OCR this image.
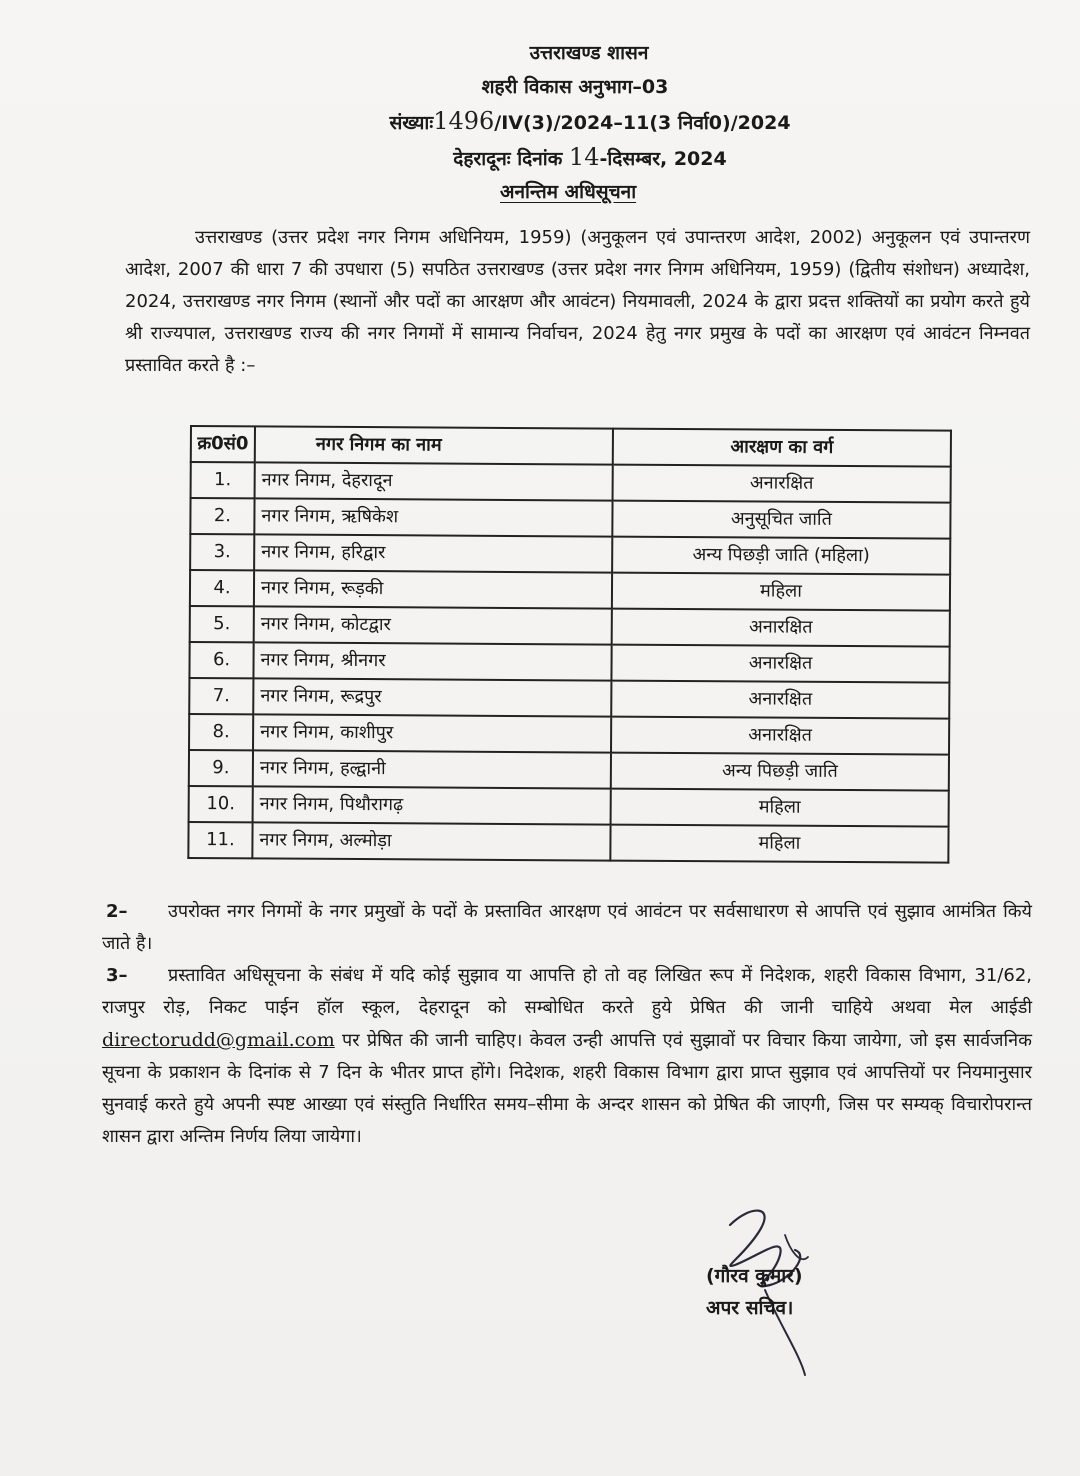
उत्तराखण्ड शासन
शहरी विकास अनुभाग–03
संख्याः1496/IV(3)/2024–11(3 निर्वा0)/2024
देहरादूनः दिनांक 14-दिसम्बर, 2024
अनन्तिम अधिसूचना
उत्तराखण्ड (उत्तर प्रदेश नगर निगम अधिनियम, 1959) (अनुकूलन एवं उपान्तरण आदेश, 2002) अनुकूलन एवं उपान्तरण आदेश, 2007 की धारा 7 की उपधारा (5) सपठित उत्तराखण्ड (उत्तर प्रदेश नगर निगम अधिनियम, 1959) (द्वितीय संशोधन) अध्यादेश, 2024, उत्तराखण्ड नगर निगम (स्थानों और पदों का आरक्षण और आवंटन) नियमावली, 2024 के द्वारा प्रदत्त शक्तियों का प्रयोग करते हुये श्री राज्यपाल, उत्तराखण्ड राज्य की नगर निगमों में सामान्य निर्वाचन, 2024 हेतु नगर प्रमुख के पदों का आरक्षण एवं आवंटन निम्नवत प्रस्तावित करते है :–
क्र0सं0	नगर निगम का नाम	आरक्षण का वर्ग
1.	नगर निगम, देहरादून	अनारक्षित
2.	नगर निगम, ऋषिकेश	अनुसूचित जाति
3.	नगर निगम, हरिद्वार	अन्य पिछड़ी जाति (महिला)
4.	नगर निगम, रूड़की	महिला
5.	नगर निगम, कोटद्वार	अनारक्षित
6.	नगर निगम, श्रीनगर	अनारक्षित
7.	नगर निगम, रूद्रपुर	अनारक्षित
8.	नगर निगम, काशीपुर	अनारक्षित
9.	नगर निगम, हल्द्वानी	अन्य पिछड़ी जाति
10.	नगर निगम, पिथौरागढ़	महिला
11.	नगर निगम, अल्मोड़ा	महिला
2– उपरोक्त नगर निगमों के नगर प्रमुखों के पदों के प्रस्तावित आरक्षण एवं आवंटन पर सर्वसाधारण से आपत्ति एवं सुझाव आमंत्रित किये जाते है।
3– प्रस्तावित अधिसूचना के संबंध में यदि कोई सुझाव या आपत्ति हो तो वह लिखित रूप में निदेशक, शहरी विकास विभाग, 31/62, राजपुर रोड़, निकट पाईन हॉल स्कूल, देहरादून को सम्बोधित करते हुये प्रेषित की जानी चाहिये अथवा मेल आईडी directorudd@gmail.com पर प्रेषित की जानी चाहिए। केवल उन्ही आपत्ति एवं सुझावों पर विचार किया जायेगा, जो इस सार्वजनिक सूचना के प्रकाशन के दिनांक से 7 दिन के भीतर प्राप्त होंगे। निदेशक, शहरी विकास विभाग द्वारा प्राप्त सुझाव एवं आपत्तियों पर नियमानुसार सुनवाई करते हुये अपनी स्पष्ट आख्या एवं संस्तुति निर्धारित समय–सीमा के अन्दर शासन को प्रेषित की जाएगी, जिस पर सम्यक् विचारोपरान्त शासन द्वारा अन्तिम निर्णय लिया जायेगा।
(गौरव कुमार)
अपर सचिव।
